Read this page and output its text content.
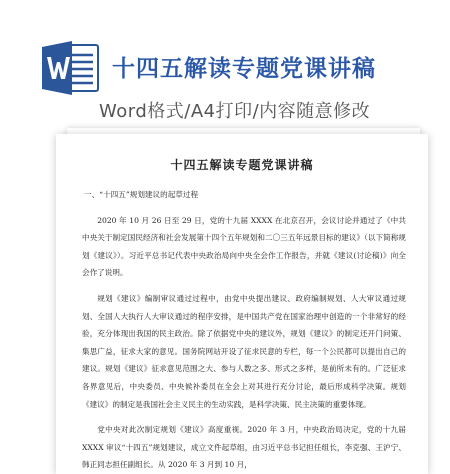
十四五解读专题党课讲稿
Word格式/A4打印/内容随意修改
十四五解读专题党课讲稿

一、“十四五”规划建议的起草过程

2020 年 10 月 26 日至 29 日，党的十九届 XXXX 在北京召开，会议讨论并通过了《中共中央关于制定国民经济和社会发展第十四个五年规划和二〇三五年远景目标的建议》（以下简称规划《建议》）。习近平总书记代表中央政治局向中央全会作工作报告，并就《建议(讨论稿)》向全会作了说明。

规划《建议》编制审议通过过程中，由党中央提出建议、政府编制规划、人大审议通过规划、全国人大执行人大审议通过的程序安排，是中国共产党在国家治理中创造的一个非常好的经验，充分体现出我国的民主政治。除了依据党中央的建议外，规划《建议》的制定还开门问策、集思广益，征求大家的意见。国务院网站开设了征求民意的专栏，每一个公民都可以提出自己的建议。规划《建议》征求意见范围之大、参与人数之多、形式之多样，是前所未有的。广泛征求各界意见后，中央委员、中央候补委员在全会上对其进行充分讨论，最后形成科学决策。规划《建议》的制定是我国社会主义民主的生动实践，是科学决策、民主决策的重要体现。

党中央对此次制定规划《建议》高度重视。2020 年 3 月，中央政治局决定，党的十九届 XXXX 审议“十四五”规划建议，成立文件起草组，由习近平总书记担任组长，李克强、王沪宁、韩正同志担任副组长。从 2020 年 3 月到 10 月，
